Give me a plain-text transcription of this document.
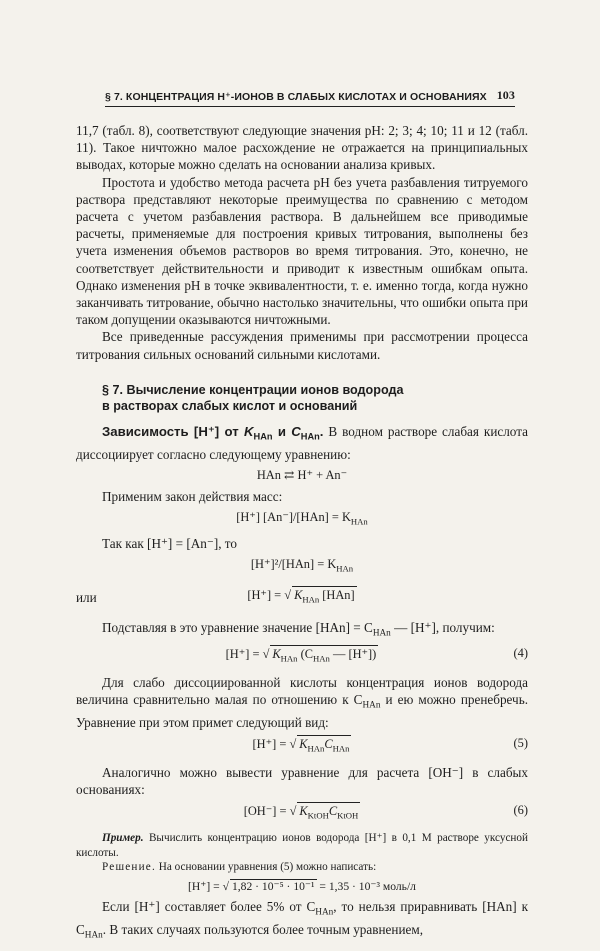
§ 7. КОНЦЕНТРАЦИЯ Н⁺-ИОНОВ В СЛАБЫХ КИСЛОТАХ И ОСНОВАНИЯХ 103

11,7 (табл. 8), соответствуют следующие значения pH: 2; 3; 4; 10; 11 и 12 (табл. 11). Такое ничтожно малое расхождение не отражается на принципиальных выводах, которые можно сделать на основании анализа кривых.

Простота и удобство метода расчета pH без учета разбавления титруемого раствора представляют некоторые преимущества по сравнению с методом расчета с учетом разбавления раствора. В дальнейшем все приводимые расчеты, применяемые для построения кривых титрования, выполнены без учета изменения объемов растворов во время титрования. Это, конечно, не соответствует действительности и приводит к известным ошибкам опыта. Однако изменения pH в точке эквивалентности, т. е. именно тогда, когда нужно заканчивать титрование, обычно настолько значительны, что ошибки опыта при таком допущении оказываются ничтожными.

Все приведенные рассуждения применимы при рассмотрении процесса титрования сильных оснований сильными кислотами.

§ 7. Вычисление концентрации ионов водорода
в растворах слабых кислот и оснований

Зависимость [H⁺] от $K_{HAn}$ и $C_{HAn}$. В водном растворе слабая кислота диссоциирует согласно следующему уравнению:

HAn ⇄ H⁺ + An⁻

Применим закон действия масс:

[H⁺] $[An^-]/[HAn] = K_{HAn}$

Так как [H⁺] = [An⁻], то

$[H^+]^2/[HAn] = K_{HAn}$
или	[H⁺] = √ $K_{HAn}$ [HAn]

Подставляя в это уравнение значение $[HAn] = C_{HAn}$ — [H⁺], получим:

[H⁺] = √ $K_{HAn}$ ($C_{HAn}$ — [H⁺])	(4)

Для слабо диссоциированной кислоты концентрация ионов водорода величина сравнительно малая по отношению к $C_{HAn}$ и ею можно пренебречь. Уравнение при этом примет следующий вид:

[H⁺] = √ $K_{HAn}C_{HAn}$	(5)

Аналогично можно вывести уравнение для расчета [OH⁻] в слабых основаниях:

[OH⁻] = √ $K_{KtOH}C_{KtOH}$	(6)

Пример. Вычислить концентрацию ионов водорода [H⁺] в 0,1 M растворе уксусной кислоты.

Решение. На основании уравнения (5) можно написать:

[H⁺] = √ 1,82 · 10⁻⁵ · 10⁻¹ = 1,35 · 10⁻³ моль/л

Если [H⁺] составляет более 5% от $C_{HAn}$, то нельзя приравнивать [HAn] к $C_{HAn}$. В таких случаях пользуются более точным уравнением,
